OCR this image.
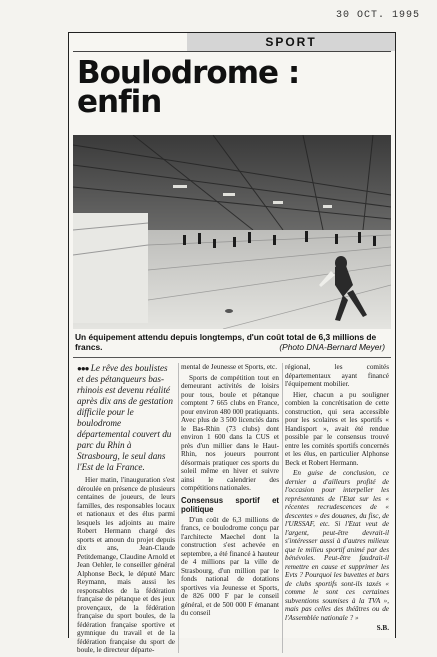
30 OCT. 1995
SPORT
Boulodrome :
enfin
Un équipement attendu depuis longtemps, d'un coût total de 6,3 millions de francs.	(Photo DNA-Bernard Meyer)
●●● Le rêve des boulistes et des pétanqueurs bas-rhinois est devenu réalité après dix ans de gestation difficile pour le boulodrome départemental couvert du parc du Rhin à Strasbourg, le seul dans l'Est de la France.

Hier matin, l'inauguration s'est déroulée en présence de plusieurs centaines de joueurs, de leurs familles, des responsables locaux et nationaux et des élus parmi lesquels les adjoints au maire Robert Hermann chargé des sports et amoun du projet depuis dix ans, Jean-Claude Petitdemange, Claudine Arnold et Jean Oehler, le conseiller général Alphonse Beck, le député Marc Reymann, mais aussi les responsables de la fédération française de pétanque et des jeux provençaux, de la fédération française du sport boules, de la fédération française sportive et gymnique du travail et de la fédération française du sport de boule, le directeur départe-

mental de Jeunesse et Sports, etc.

Sports de compétition tout en demeurant activités de loisirs pour tous, boule et pétanque comptent 7 665 clubs en France, pour environ 480 000 pratiquants. Avec plus de 3 500 licenciés dans le Bas-Rhin (73 clubs) dont environ 1 600 dans la CUS et près d'un millier dans le Haut-Rhin, nos joueurs pourront désormais pratiquer ces sports du soleil même en hiver et suivre ainsi le calendrier des compétitions nationales.

Consensus sportif et politique

D'un coût de 6,3 millions de francs, ce boulodrome conçu par l'architecte Maechel dont la construction s'est achevée en septembre, a été financé à hauteur de 4 millions par la ville de Strasbourg, d'un million par le fonds national de dotations sportives via Jeunesse et Sports, de 826 000 F par le conseil général, et de 500 000 F émanant du conseil

régional, les comités départementaux ayant financé l'équipement mobilier.

Hier, chacun a pu souligner combien la concrétisation de cette construction, qui sera accessible pour les scolaires et les sportifs « Handisport », avait été rendue possible par le consensus trouvé entre les comités sportifs concernés et les élus, en particulier Alphonse Beck et Robert Hermann.

En guise de conclusion, ce dernier a d'ailleurs profité de l'occasion pour interpeller les représentants de l'Etat sur les « récentes recrudescences de « descentes » des douanes, du fisc, de l'URSSAF, etc. Si l'Etat veut de l'argent, peut-être devrait-il s'intéresser aussi à d'autres milieux que le milieu sportif animé par des bénévoles. Peut-être faudrait-il remettre en cause et supprimer les Evts ? Pourquoi les buvettes et bars de clubs sportifs sont-ils taxés « comme le sont ces certaines subventions soumises à la TVA », mais pas celles des théâtres ou de l'Assemblée nationale ? »

S.B.
